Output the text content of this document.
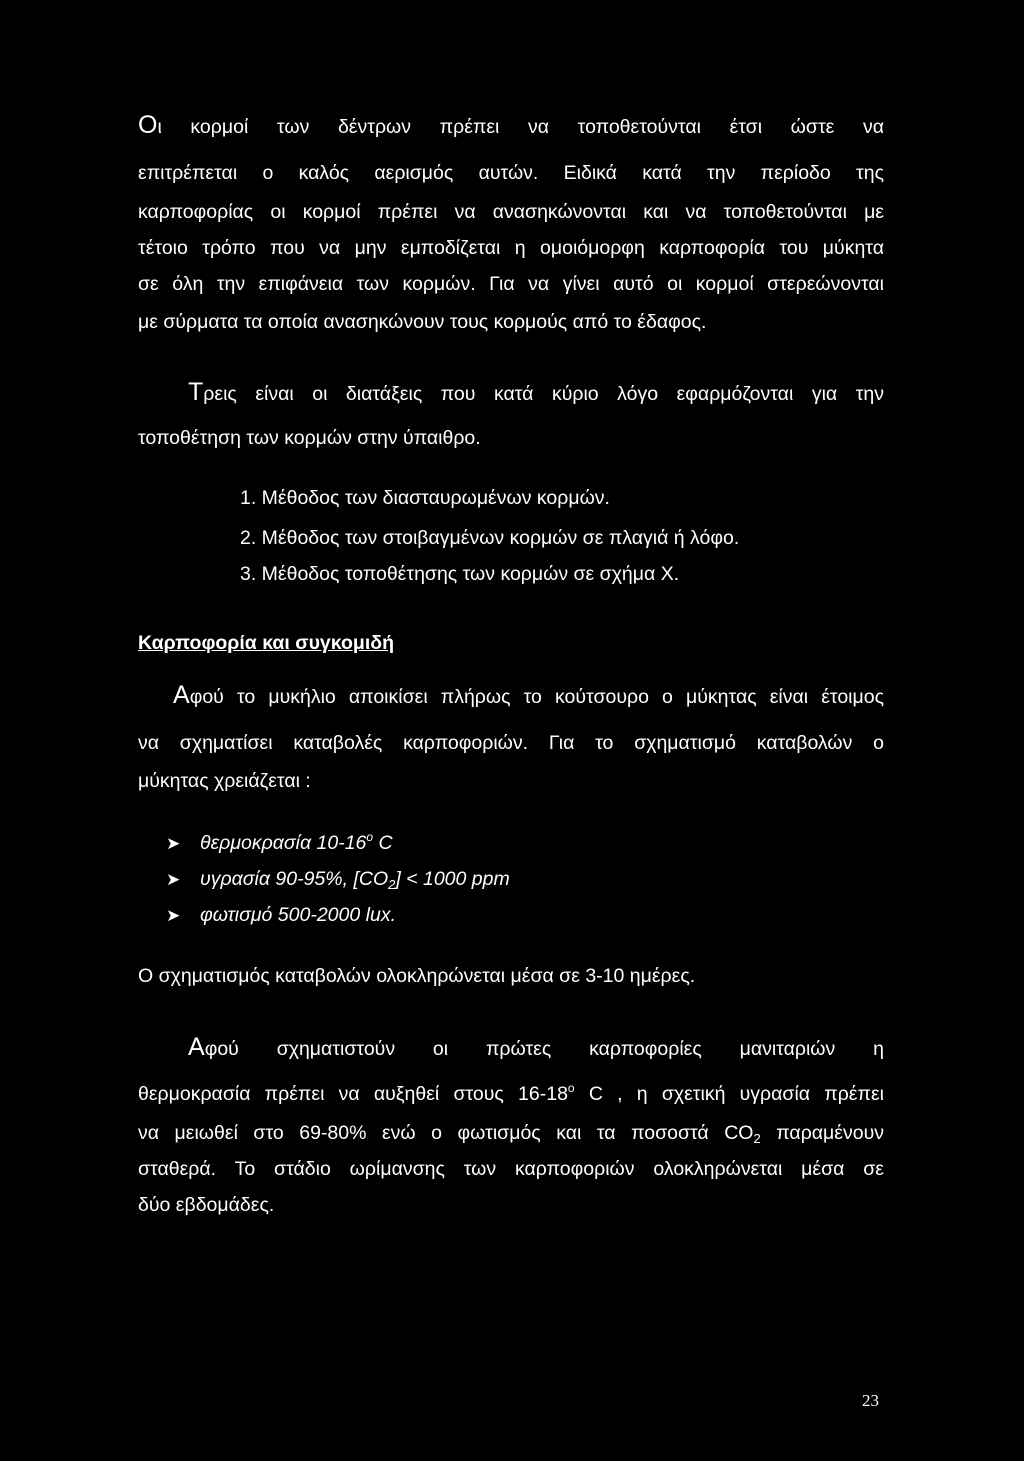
Οι κορμοί των δέντρων πρέπει να τοποθετούνται έτσι ώστε να
επιτρέπεται ο καλός αερισμός αυτών. Ειδικά κατά την περίοδο της
καρποφορίας οι κορμοί πρέπει να ανασηκώνονται και να τοποθετούνται με
τέτοιο τρόπο που να μην εμποδίζεται η ομοιόμορφη καρποφορία του μύκητα
σε όλη την επιφάνεια των κορμών. Για να γίνει αυτό οι κορμοί στερεώνονται
με σύρματα τα οποία ανασηκώνουν τους κορμούς από το έδαφος.
Τρεις είναι οι διατάξεις που κατά κύριο λόγο εφαρμόζονται για την
τοποθέτηση των κορμών στην ύπαιθρο.
1. Μέθοδος των διασταυρωμένων κορμών.
2. Μέθοδος των στοιβαγμένων κορμών σε πλαγιά ή λόφο.
3. Μέθοδος τοποθέτησης των κορμών σε σχήμα Χ.
Καρποφορία και συγκομιδή
Αφού το μυκήλιο αποικίσει πλήρως το κούτσουρο ο μύκητας είναι έτοιμος
να σχηματίσει καταβολές καρποφοριών. Για το σχηματισμό καταβολών ο
μύκητας χρειάζεται :
➤ θερμοκρασία 10-16$^o$ C
➤ υγρασία 90-95%, $[CO_2] < 1000$ ppm
➤ φωτισμό 500-2000 lux.
Ο σχηματισμός καταβολών ολοκληρώνεται μέσα σε 3-10 ημέρες.
Αφού σχηματιστούν οι πρώτες καρποφορίες μανιταριών η
θερμοκρασία πρέπει να αυξηθεί στους 16-18$^o$ C , η σχετική υγρασία πρέπει
να μειωθεί στο 69-80% ενώ ο φωτισμός και τα ποσοστά $CO_2$ παραμένουν
σταθερά. Το στάδιο ωρίμανσης των καρποφοριών ολοκληρώνεται μέσα σε
δύο εβδομάδες.
23
